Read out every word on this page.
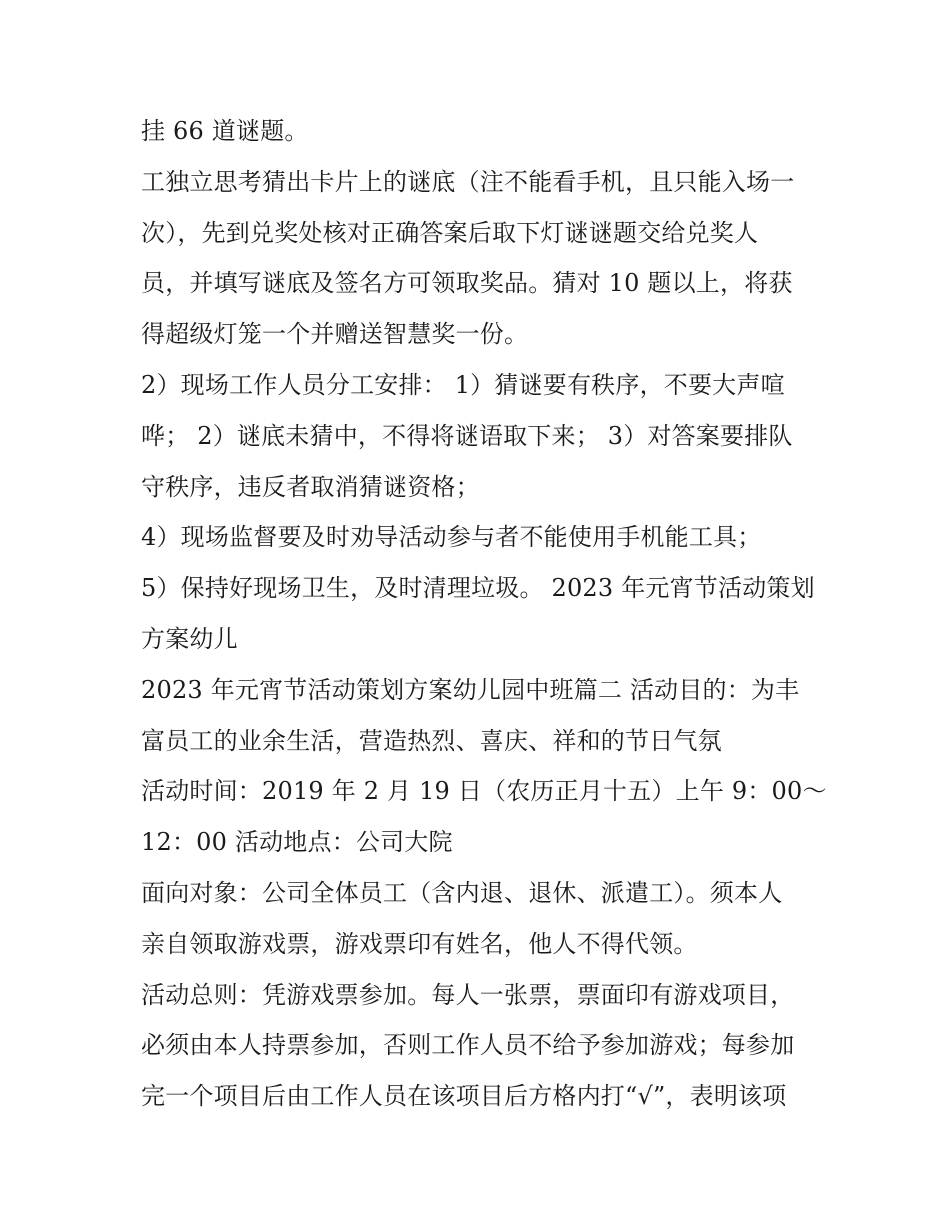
挂 66 道谜题。
工独立思考猜出卡片上的谜底（注不能看手机，且只能入场一
次），先到兑奖处核对正确答案后取下灯谜谜题交给兑奖人
员，并填写谜底及签名方可领取奖品。猜对 10 题以上，将获
得超级灯笼一个并赠送智慧奖一份。
2）现场工作人员分工安排： 1）猜谜要有秩序，不要大声喧
哗； 2）谜底未猜中，不得将谜语取下来； 3）对答案要排队
守秩序，违反者取消猜谜资格；
4）现场监督要及时劝导活动参与者不能使用手机能工具；
5）保持好现场卫生，及时清理垃圾。 2023 年元宵节活动策划
方案幼儿
2023 年元宵节活动策划方案幼儿园中班篇二 活动目的：为丰
富员工的业余生活，营造热烈、喜庆、祥和的节日气氛
活动时间：2019 年 2 月 19 日（农历正月十五）上午 9：00～
12：00 活动地点：公司大院
面向对象：公司全体员工（含内退、退休、派遣工）。须本人
亲自领取游戏票，游戏票印有姓名，他人不得代领。
活动总则：凭游戏票参加。每人一张票，票面印有游戏项目，
必须由本人持票参加，否则工作人员不给予参加游戏；每参加
完一个项目后由工作人员在该项目后方格内打“√”，表明该项
